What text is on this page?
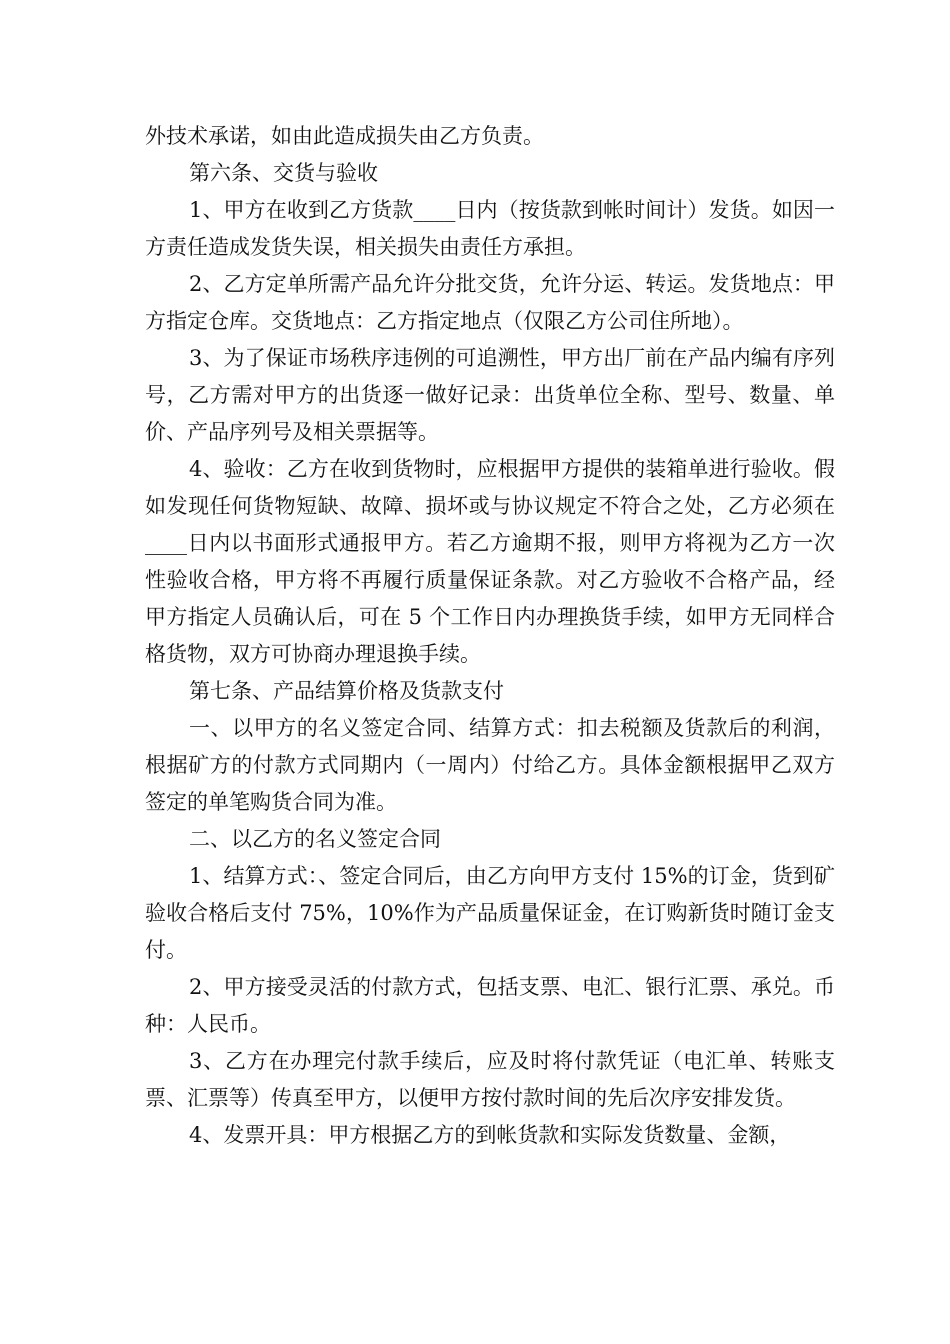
外技术承诺，如由此造成损失由乙方负责。

第六条、交货与验收

1、甲方在收到乙方货款____日内（按货款到帐时间计）发货。如因一方责任造成发货失误，相关损失由责任方承担。

2、乙方定单所需产品允许分批交货，允许分运、转运。发货地点：甲方指定仓库。交货地点：乙方指定地点（仅限乙方公司住所地）。

3、为了保证市场秩序违例的可追溯性，甲方出厂前在产品内编有序列号，乙方需对甲方的出货逐一做好记录：出货单位全称、型号、数量、单价、产品序列号及相关票据等。

4、验收：乙方在收到货物时，应根据甲方提供的装箱单进行验收。假如发现任何货物短缺、故障、损坏或与协议规定不符合之处，乙方必须在____日内以书面形式通报甲方。若乙方逾期不报，则甲方将视为乙方一次性验收合格，甲方将不再履行质量保证条款。对乙方验收不合格产品，经甲方指定人员确认后，可在 5 个工作日内办理换货手续，如甲方无同样合格货物，双方可协商办理退换手续。

第七条、产品结算价格及货款支付

一、以甲方的名义签定合同、结算方式：扣去税额及货款后的利润，根据矿方的付款方式同期内（一周内）付给乙方。具体金额根据甲乙双方签定的单笔购货合同为准。

二、以乙方的名义签定合同

1、结算方式：、签定合同后，由乙方向甲方支付 15%的订金，货到矿验收合格后支付 75%，10%作为产品质量保证金，在订购新货时随订金支付。

2、甲方接受灵活的付款方式，包括支票、电汇、银行汇票、承兑。币种：人民币。

3、乙方在办理完付款手续后，应及时将付款凭证（电汇单、转账支票、汇票等）传真至甲方，以便甲方按付款时间的先后次序安排发货。

4、发票开具：甲方根据乙方的到帐货款和实际发货数量、金额，
